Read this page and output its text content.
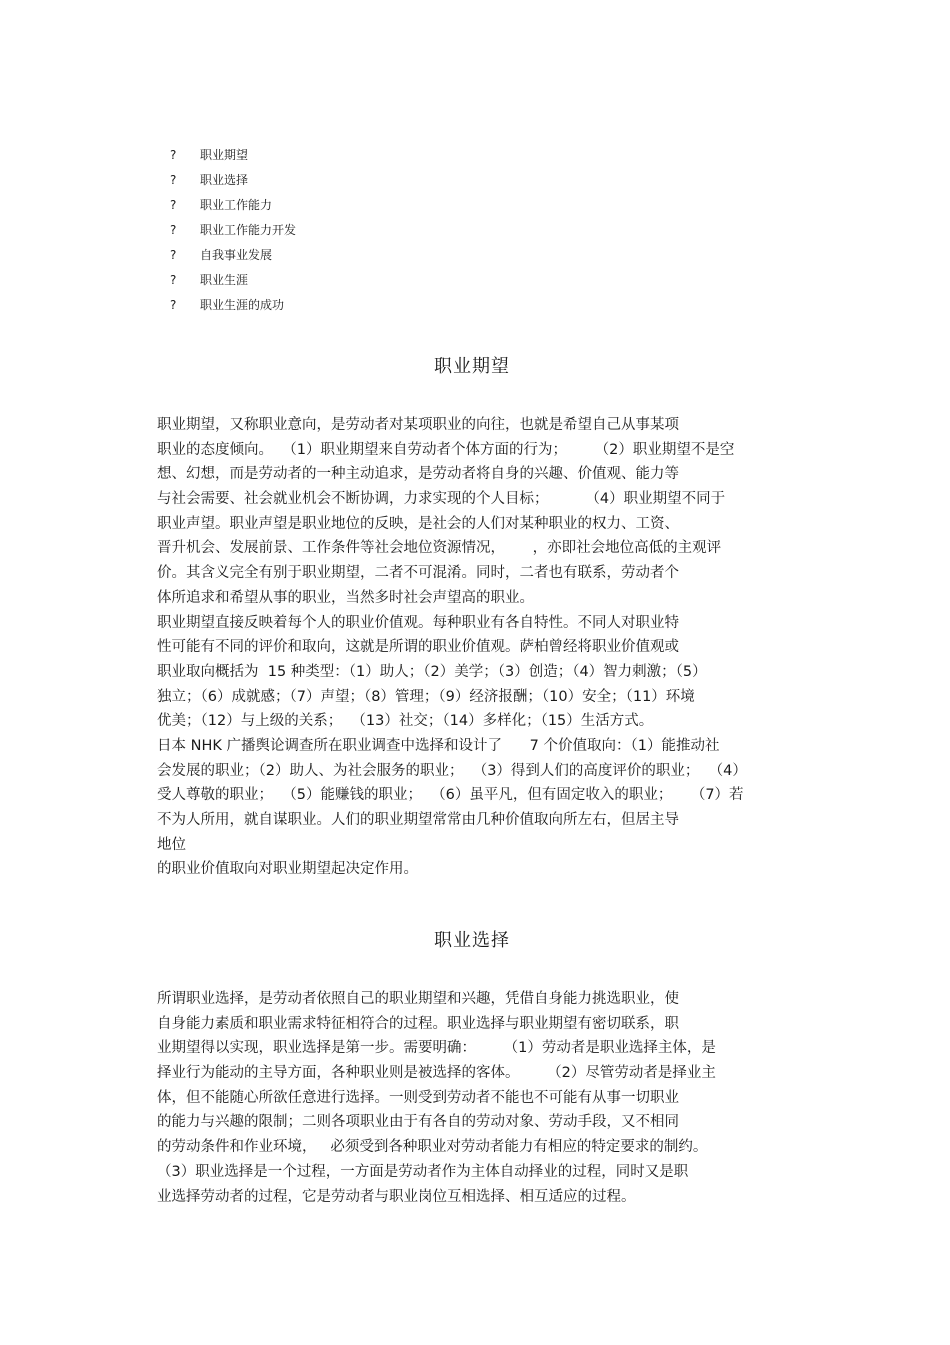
?	职业期望
?	职业选择
?	职业工作能力
?	职业工作能力开发
?	自我事业发展
?	职业生涯
?	职业生涯的成功
职业期望
职业期望，又称职业意向，是劳动者对某项职业的向往，也就是希望自己从事某项
职业的态度倾向。  （1）职业期望来自劳动者个体方面的行为；      （2）职业期望不是空
想、幻想，而是劳动者的一种主动追求，是劳动者将自身的兴趣、价值观、能力等
与社会需要、社会就业机会不断协调，力求实现的个人目标；        （4）职业期望不同于
职业声望。职业声望是职业地位的反映，是社会的人们对某种职业的权力、工资、
晋升机会、发展前景、工作条件等社会地位资源情况，      ，亦即社会地位高低的主观评
价。其含义完全有别于职业期望，二者不可混淆。同时，二者也有联系，劳动者个
体所追求和希望从事的职业，当然多时社会声望高的职业。
职业期望直接反映着每个人的职业价值观。每种职业有各自特性。不同人对职业特
性可能有不同的评价和取向，这就是所谓的职业价值观。萨柏曾经将职业价值观或
职业取向概括为  15 种类型：（1）助人；（2）美学；（3）创造；（4）智力刺激；（5）
独立；（6）成就感；（7）声望；（8）管理；（9）经济报酬；（10）安全；（11）环境
优美；（12）与上级的关系；  （13）社交；（14）多样化；（15）生活方式。
日本 NHK 广播舆论调查所在职业调查中选择和设计了      7 个价值取向：（1）能推动社
会发展的职业；（2）助人、为社会服务的职业；  （3）得到人们的高度评价的职业；  （4）
受人尊敬的职业；  （5）能赚钱的职业；  （6）虽平凡，但有固定收入的职业；    （7）若
不为人所用，就自谋职业。人们的职业期望常常由几种价值取向所左右，但居主导
地位
的职业价值取向对职业期望起决定作用。
职业选择
所谓职业选择，是劳动者依照自己的职业期望和兴趣，凭借自身能力挑选职业，使
自身能力素质和职业需求特征相符合的过程。职业选择与职业期望有密切联系，职
业期望得以实现，职业选择是第一步。需要明确：      （1）劳动者是职业选择主体，是
择业行为能动的主导方面，各种职业则是被选择的客体。      （2）尽管劳动者是择业主
体，但不能随心所欲任意进行选择。一则受到劳动者不能也不可能有从事一切职业
的能力与兴趣的限制；二则各项职业由于有各自的劳动对象、劳动手段，又不相同
的劳动条件和作业环境，   必须受到各种职业对劳动者能力有相应的特定要求的制约。
（3）职业选择是一个过程，一方面是劳动者作为主体自动择业的过程，同时又是职
业选择劳动者的过程，它是劳动者与职业岗位互相选择、相互适应的过程。
